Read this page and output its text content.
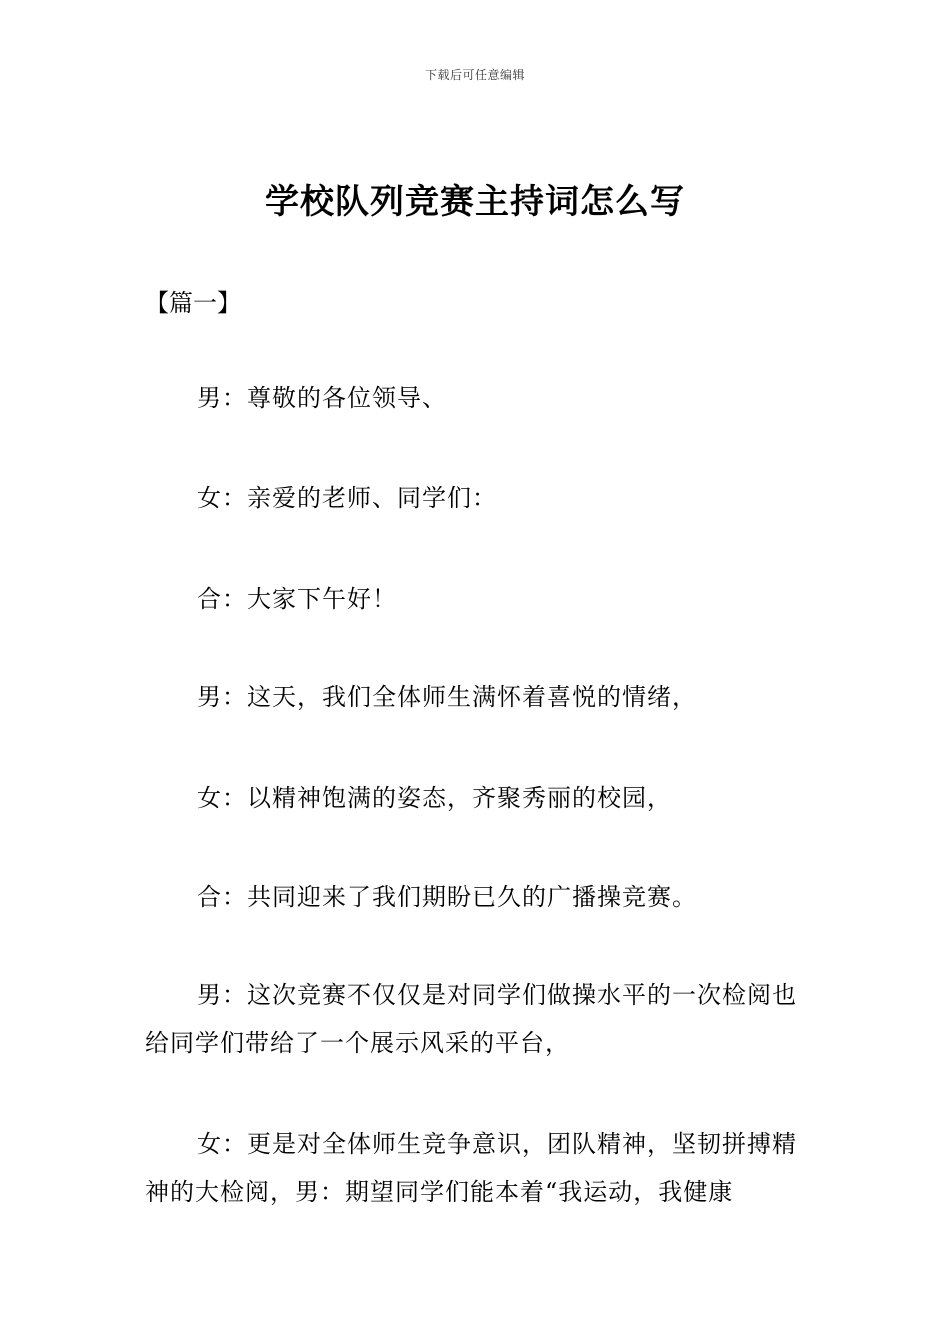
下载后可任意编辑
学校队列竞赛主持词怎么写
【篇一】
男：尊敬的各位领导、
女：亲爱的老师、同学们：
合：大家下午好！
男：这天，我们全体师生满怀着喜悦的情绪，
女：以精神饱满的姿态，齐聚秀丽的校园，
合：共同迎来了我们期盼已久的广播操竞赛。
男：这次竞赛不仅仅是对同学们做操水平的一次检阅也给同学们带给了一个展示风采的平台，
女：更是对全体师生竞争意识，团队精神，坚韧拼搏精神的大检阅，男：期望同学们能本着“我运动，我健康
